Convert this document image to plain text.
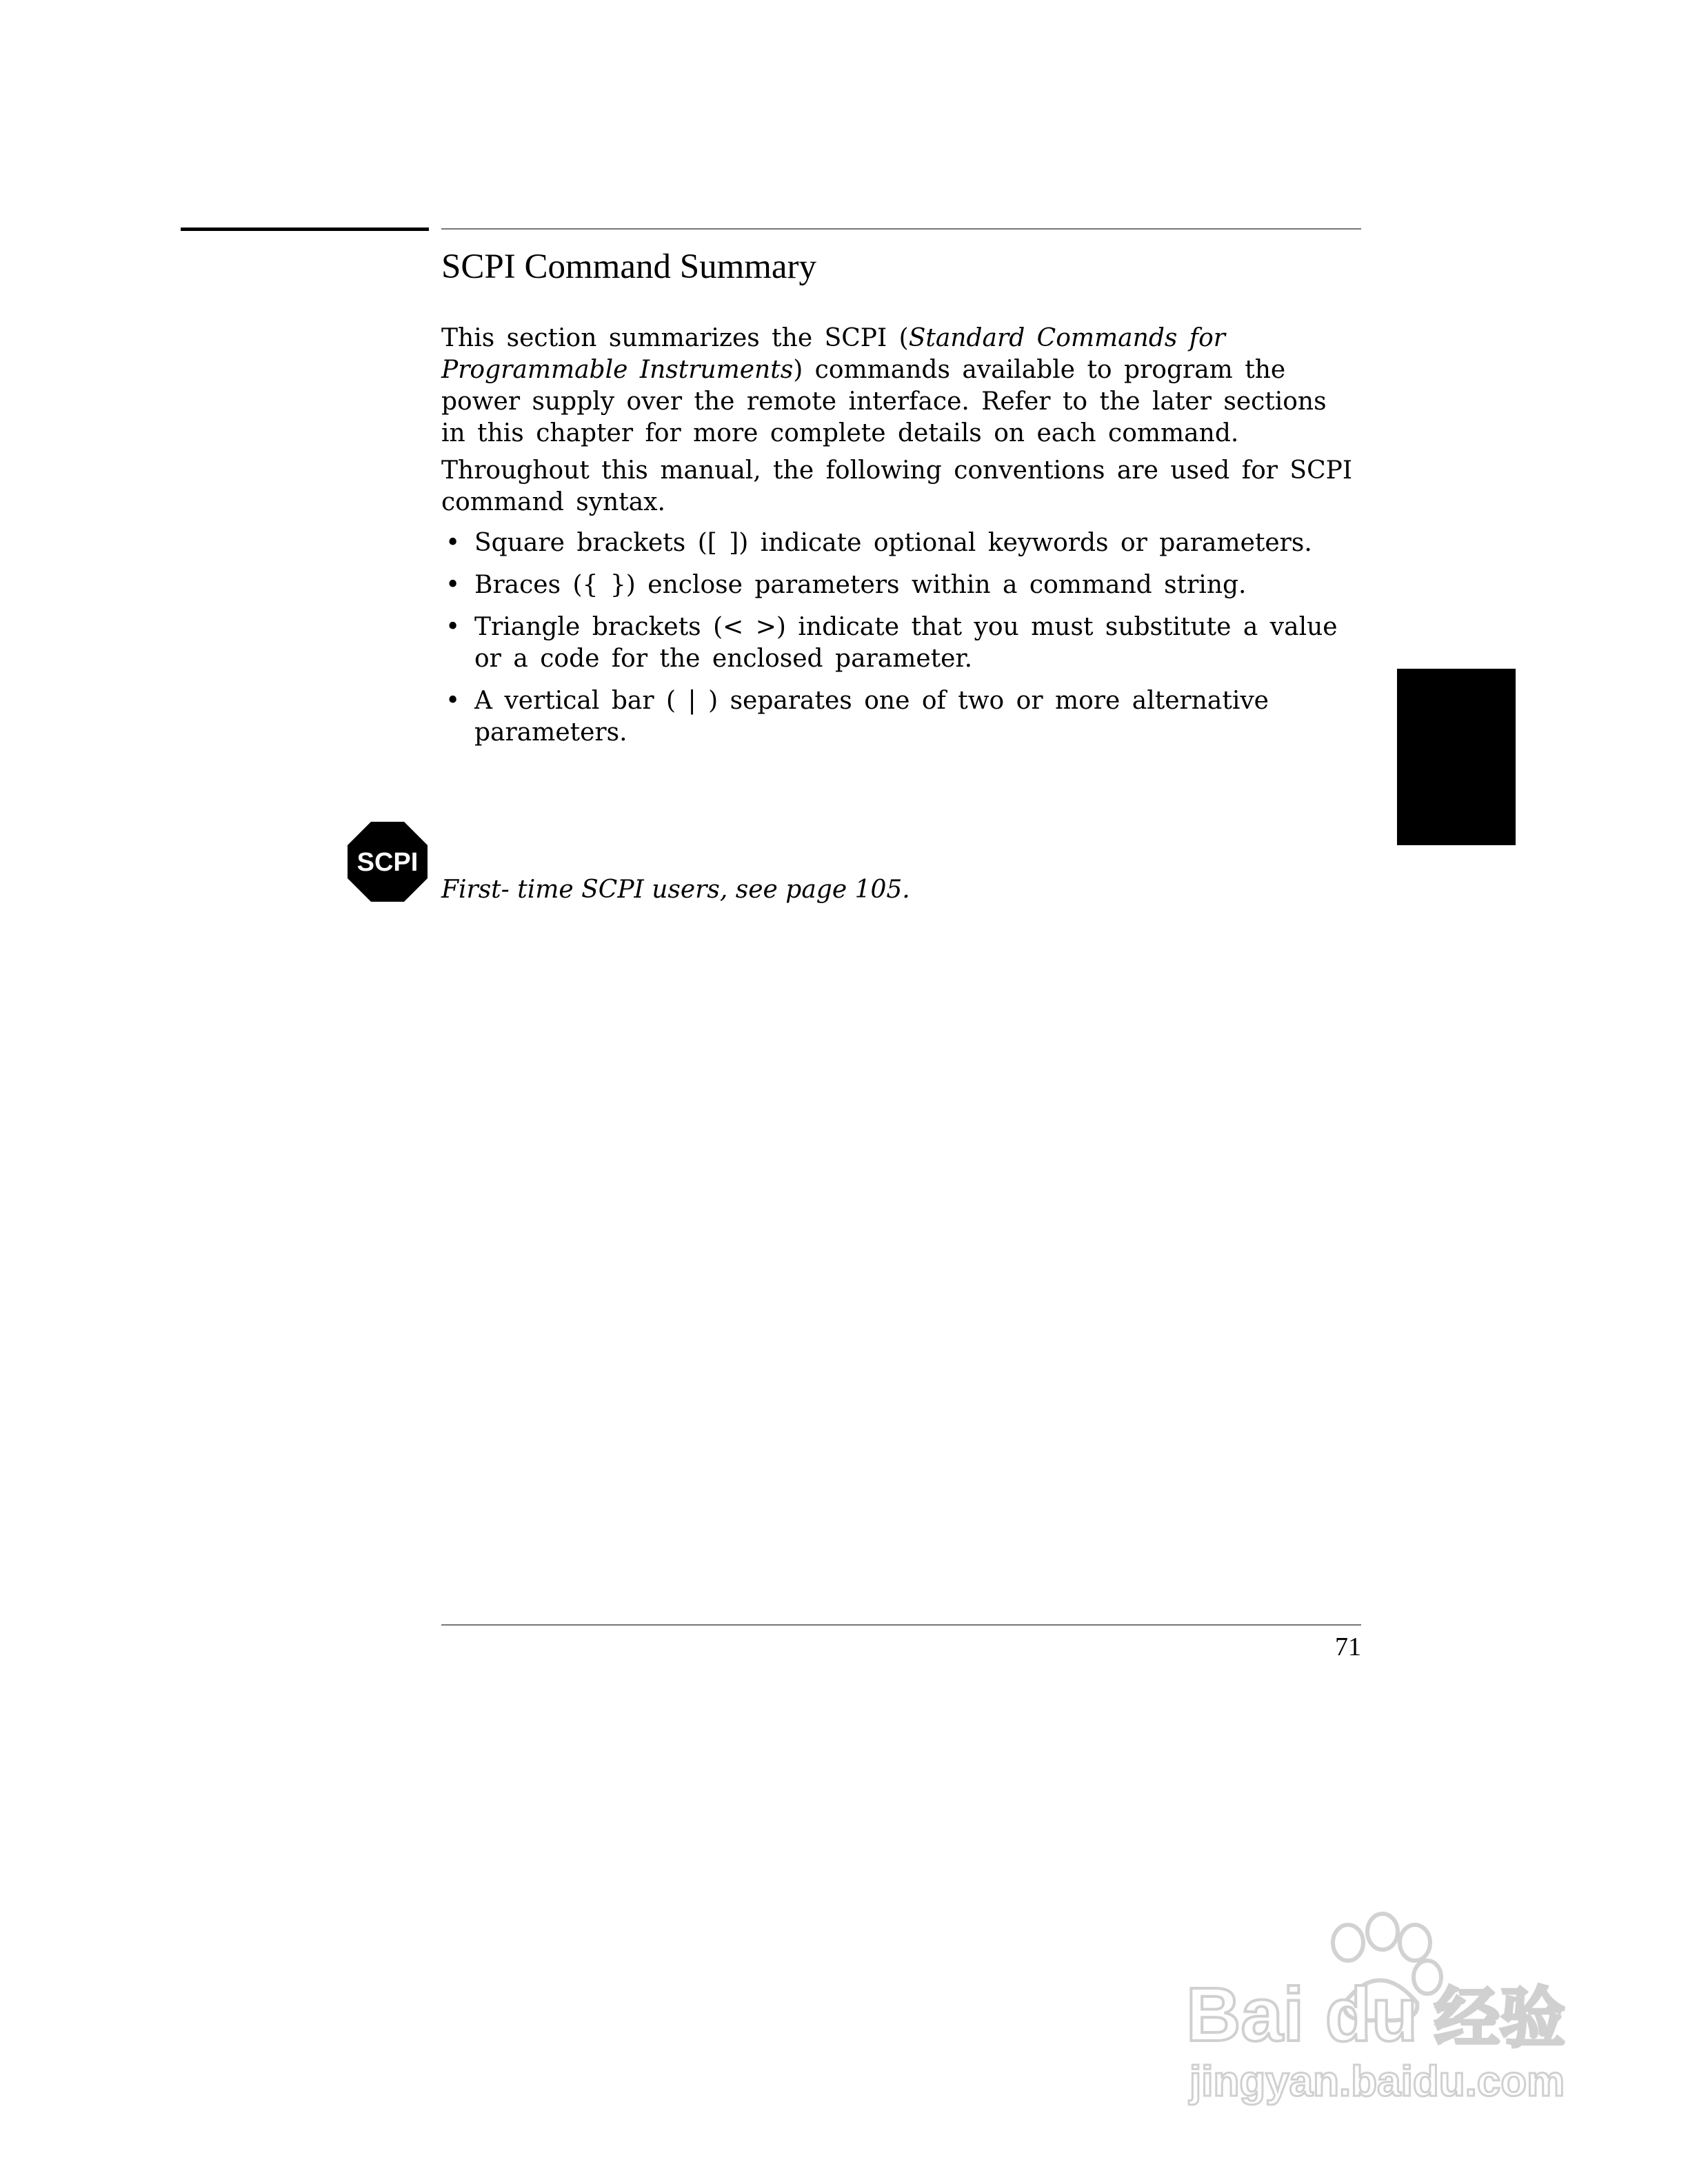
SCPI Command Summary

This section summarizes the SCPI (Standard Commands for Programmable Instruments) commands available to program the power supply over the remote interface. Refer to the later sections in this chapter for more complete details on each command.

Throughout this manual, the following conventions are used for SCPI command syntax.

• Square brackets ([ ]) indicate optional keywords or parameters.
• Braces ({ }) enclose parameters within a command string.
• Triangle brackets (< >) indicate that you must substitute a value or a code for the enclosed parameter.
• A vertical bar ( | ) separates one of two or more alternative parameters.
SCPI

First- time SCPI users, see page 105.

71

Bai du 经验
jingyan.baidu.com
